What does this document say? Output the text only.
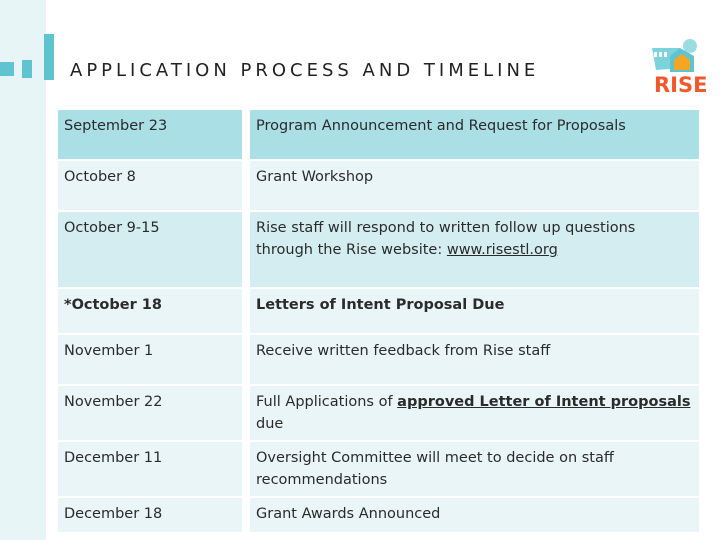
APPLICATION PROCESS AND TIMELINE
RISE
September 23	Program Announcement and Request for Proposals
October 8	Grant Workshop
October 9-15	Rise staff will respond to written follow up questions through the Rise website: www.risestl.org
*October 18	Letters of Intent Proposal Due
November 1	Receive written feedback from Rise staff
November 22	Full Applications of approved Letter of Intent proposals due
December 11	Oversight Committee will meet to decide on staff recommendations
December 18	Grant Awards Announced
